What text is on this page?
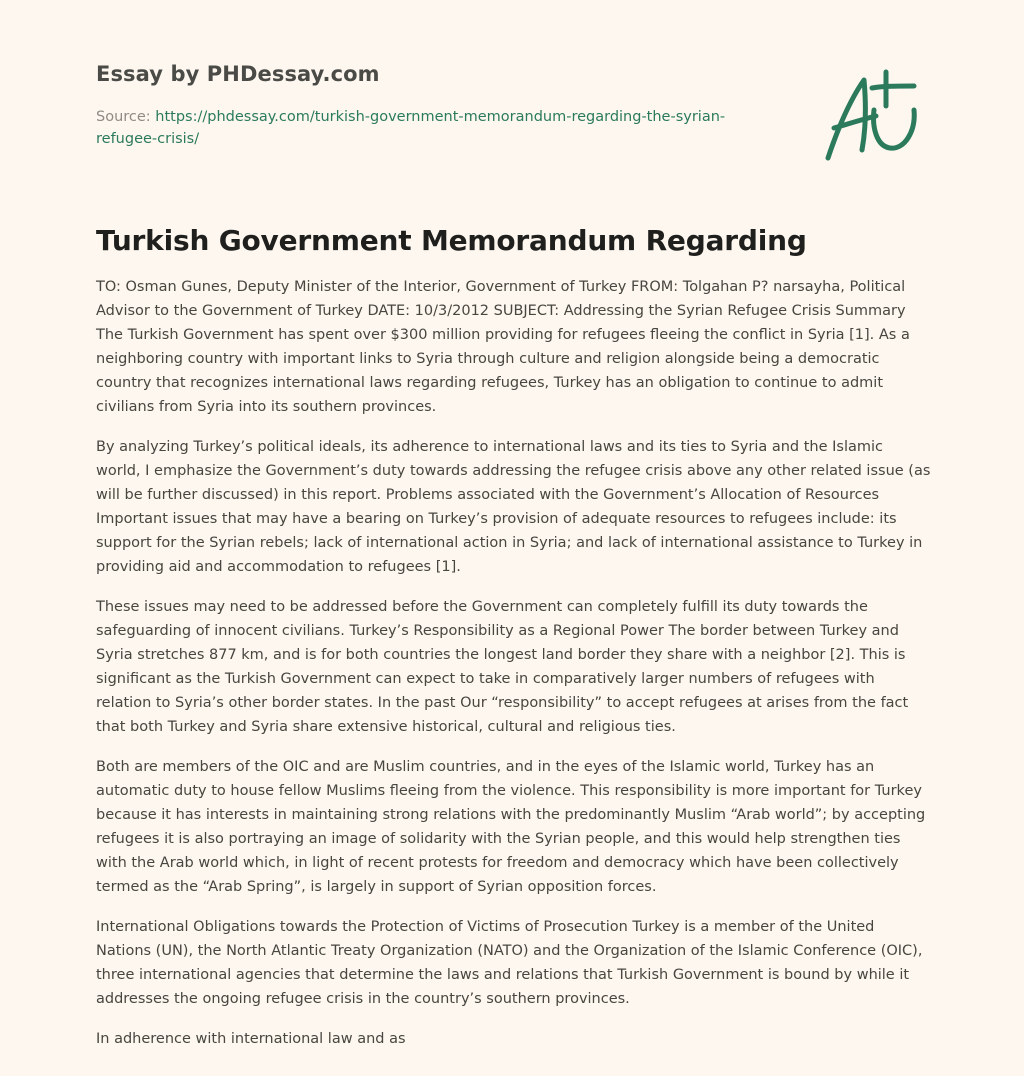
Essay by PHDessay.com
Source: https://phdessay.com/turkish-government-memorandum-regarding-the-syrian-refugee-crisis/
Turkish Government Memorandum Regarding

TO: Osman Gunes, Deputy Minister of the Interior, Government of Turkey FROM: Tolgahan P? narsayha, Political Advisor to the Government of Turkey DATE: 10/3/2012 SUBJECT: Addressing the Syrian Refugee Crisis Summary The Turkish Government has spent over $300 million providing for refugees fleeing the conflict in Syria [1]. As a neighboring country with important links to Syria through culture and religion alongside being a democratic country that recognizes international laws regarding refugees, Turkey has an obligation to continue to admit civilians from Syria into its southern provinces.

By analyzing Turkey’s political ideals, its adherence to international laws and its ties to Syria and the Islamic world, I emphasize the Government’s duty towards addressing the refugee crisis above any other related issue (as will be further discussed) in this report. Problems associated with the Government’s Allocation of Resources Important issues that may have a bearing on Turkey’s provision of adequate resources to refugees include: its support for the Syrian rebels; lack of international action in Syria; and lack of international assistance to Turkey in providing aid and accommodation to refugees [1].

These issues may need to be addressed before the Government can completely fulfill its duty towards the safeguarding of innocent civilians. Turkey’s Responsibility as a Regional Power The border between Turkey and Syria stretches 877 km, and is for both countries the longest land border they share with a neighbor [2]. This is significant as the Turkish Government can expect to take in comparatively larger numbers of refugees with relation to Syria’s other border states. In the past Our “responsibility” to accept refugees at arises from the fact that both Turkey and Syria share extensive historical, cultural and religious ties.

Both are members of the OIC and are Muslim countries, and in the eyes of the Islamic world, Turkey has an automatic duty to house fellow Muslims fleeing from the violence. This responsibility is more important for Turkey because it has interests in maintaining strong relations with the predominantly Muslim “Arab world”; by accepting refugees it is also portraying an image of solidarity with the Syrian people, and this would help strengthen ties with the Arab world which, in light of recent protests for freedom and democracy which have been collectively termed as the “Arab Spring”, is largely in support of Syrian opposition forces.

International Obligations towards the Protection of Victims of Prosecution Turkey is a member of the United Nations (UN), the North Atlantic Treaty Organization (NATO) and the Organization of the Islamic Conference (OIC), three international agencies that determine the laws and relations that Turkish Government is bound by while it addresses the ongoing refugee crisis in the country’s southern provinces.

In adherence with international law and as
